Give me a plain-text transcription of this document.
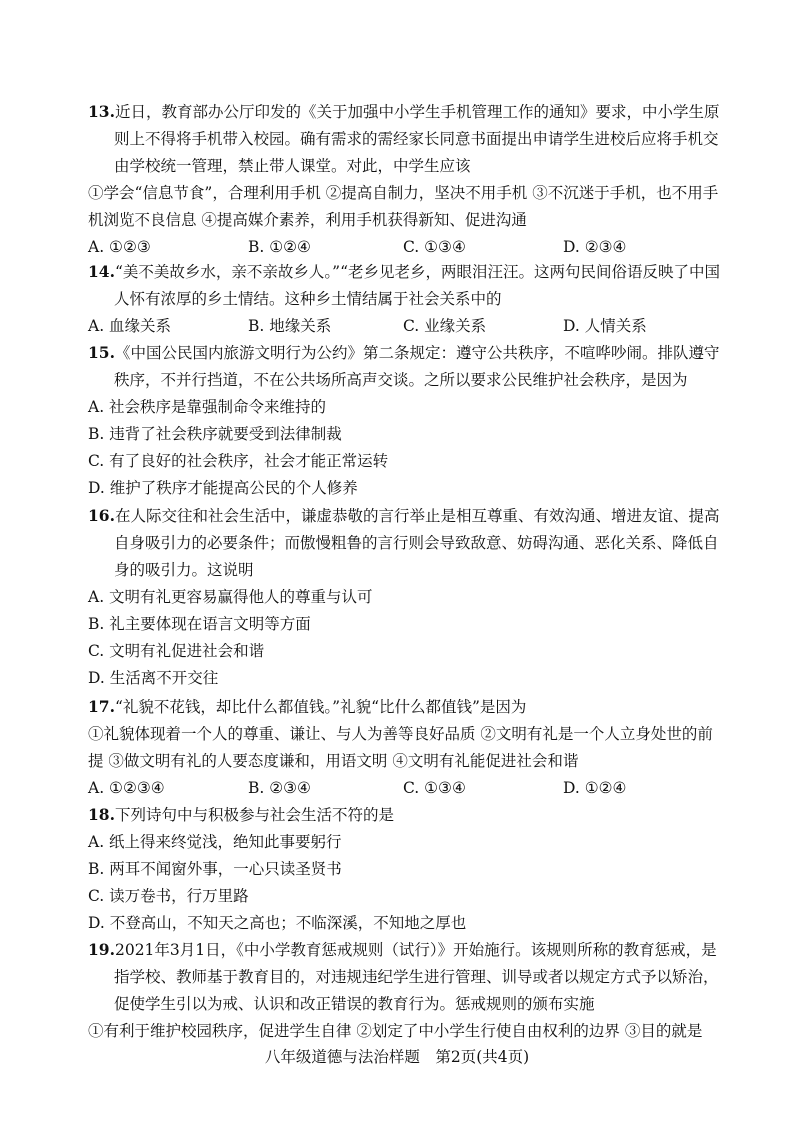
13.近日，教育部办公厅印发的《关于加强中小学生手机管理工作的通知》要求，中小学生原则上不得将手机带入校园。确有需求的需经家长同意书面提出申请学生进校后应将手机交由学校统一管理，禁止带人课堂。对此，中学生应该

①学会“信息节食”，合理利用手机 ②提高自制力，坚决不用手机 ③不沉迷于手机，也不用手机浏览不良信息 ④提高媒介素养，利用手机获得新知、促进沟通

A. ①②③	B. ①②④	C. ①③④	D. ②③④

14.“美不美故乡水，亲不亲故乡人。”“老乡见老乡，两眼泪汪汪。这两句民间俗语反映了中国人怀有浓厚的乡土情结。这种乡土情结属于社会关系中的

A. 血缘关系	B. 地缘关系	C. 业缘关系	D. 人情关系

15.《中国公民国内旅游文明行为公约》第二条规定：遵守公共秩序，不喧哗吵闹。排队遵守秩序，不并行挡道，不在公共场所高声交谈。之所以要求公民维护社会秩序，是因为

A. 社会秩序是靠强制命令来维持的
B. 违背了社会秩序就要受到法律制裁
C. 有了良好的社会秩序，社会才能正常运转
D. 维护了秩序才能提高公民的个人修养

16.在人际交往和社会生活中，谦虚恭敬的言行举止是相互尊重、有效沟通、增进友谊、提高自身吸引力的必要条件；而傲慢粗鲁的言行则会导致敌意、妨碍沟通、恶化关系、降低自身的吸引力。这说明

A. 文明有礼更容易赢得他人的尊重与认可
B. 礼主要体现在语言文明等方面
C. 文明有礼促进社会和谐
D. 生活离不开交往

17.“礼貌不花钱，却比什么都值钱。”礼貌“比什么都值钱”是因为

①礼貌体现着一个人的尊重、谦让、与人为善等良好品质 ②文明有礼是一个人立身处世的前提 ③做文明有礼的人要态度谦和，用语文明 ④文明有礼能促进社会和谐

A. ①②③④	B. ②③④	C. ①③④	D. ①②④

18.下列诗句中与积极参与社会生活不符的是

A. 纸上得来终觉浅，绝知此事要躬行
B. 两耳不闻窗外事，一心只读圣贤书
C. 读万卷书，行万里路
D. 不登高山，不知天之高也；不临深溪，不知地之厚也

19.2021年3月1日，《中小学教育惩戒规则（试行）》开始施行。该规则所称的教育惩戒，是指学校、教师基于教育目的，对违规违纪学生进行管理、训导或者以规定方式予以矫治，促使学生引以为戒、认识和改正错误的教育行为。惩戒规则的颁布实施

①有利于维护校园秩序，促进学生自律 ②划定了中小学生行使自由权利的边界 ③目的就是

八年级道德与法治样题　第2页(共4页)
